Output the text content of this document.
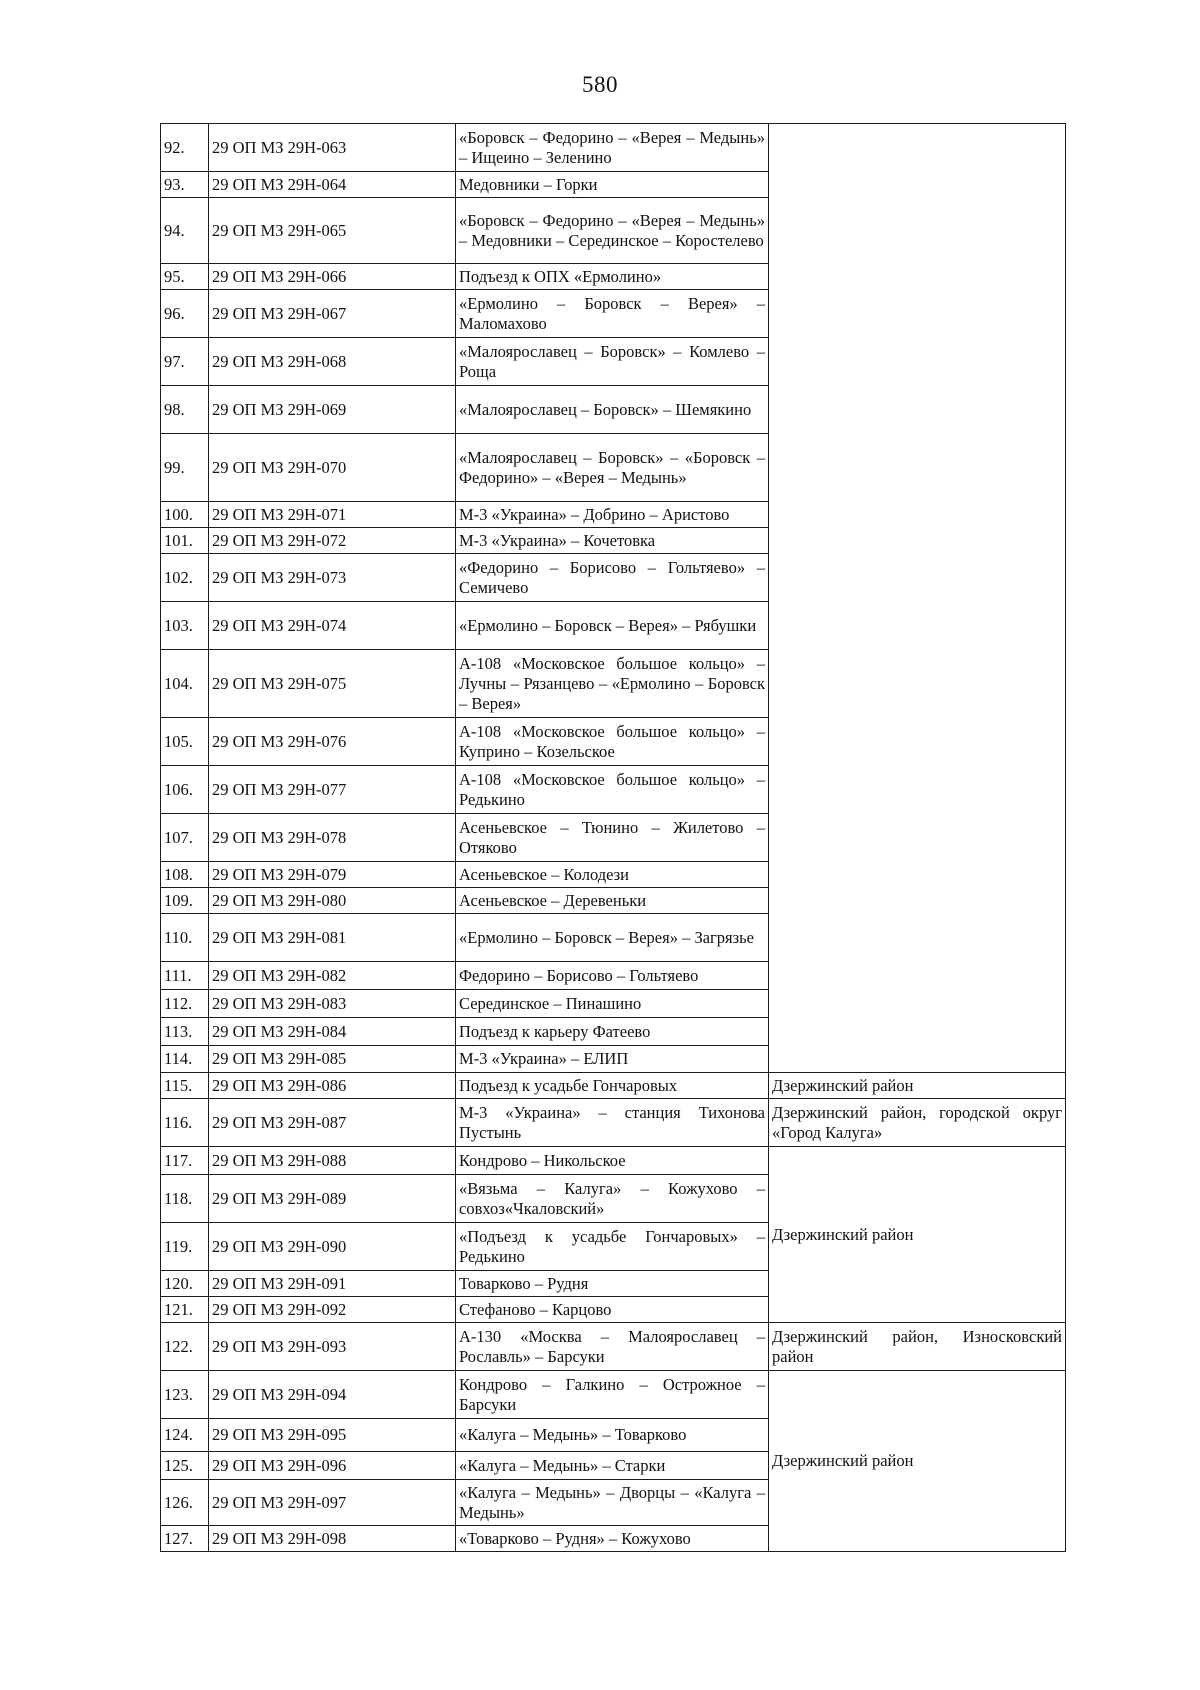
580
92.	29 ОП МЗ 29Н-063	«Боровск – Федорино – «Верея – Медынь» – Ищеино – Зеленино	
93.	29 ОП МЗ 29Н-064	Медовники – Горки	
94.	29 ОП МЗ 29Н-065	«Боровск – Федорино – «Верея – Медынь» – Медовники – Серединское – Коростелево	
95.	29 ОП МЗ 29Н-066	Подъезд к ОПХ «Ермолино»	
96.	29 ОП МЗ 29Н-067	«Ермолино – Боровск – Верея» – Маломахово	
97.	29 ОП МЗ 29Н-068	«Малоярославец – Боровск» – Комлево – Роща	
98.	29 ОП МЗ 29Н-069	«Малоярославец – Боровск» – Шемякино	
99.	29 ОП МЗ 29Н-070	«Малоярославец – Боровск» – «Боровск – Федорино» – «Верея – Медынь»	
100.	29 ОП МЗ 29Н-071	М-3 «Украина» – Добрино – Аристово	
101.	29 ОП МЗ 29Н-072	М-3 «Украина» – Кочетовка	
102.	29 ОП МЗ 29Н-073	«Федорино – Борисово – Гольтяево» – Семичево	
103.	29 ОП МЗ 29Н-074	«Ермолино – Боровск – Верея» – Рябушки	
104.	29 ОП МЗ 29Н-075	А-108 «Московское большое кольцо» – Лучны – Рязанцево – «Ермолино – Боровск – Верея»	
105.	29 ОП МЗ 29Н-076	А-108 «Московское большое кольцо» – Куприно – Козельское	
106.	29 ОП МЗ 29Н-077	А-108 «Московское большое кольцо» – Редькино	
107.	29 ОП МЗ 29Н-078	Асеньевское – Тюнино – Жилетово – Отяково	
108.	29 ОП МЗ 29Н-079	Асеньевское – Колодези	
109.	29 ОП МЗ 29Н-080	Асеньевское – Деревеньки	
110.	29 ОП МЗ 29Н-081	«Ермолино – Боровск – Верея» – Загрязье	
111.	29 ОП МЗ 29Н-082	Федорино – Борисово – Гольтяево	
112.	29 ОП МЗ 29Н-083	Серединское – Пинашино	
113.	29 ОП МЗ 29Н-084	Подъезд к карьеру Фатеево	
114.	29 ОП МЗ 29Н-085	М-3 «Украина» – ЕЛИП	
115.	29 ОП МЗ 29Н-086	Подъезд к усадьбе Гончаровых	Дзержинский район
116.	29 ОП МЗ 29Н-087	М-3 «Украина» – станция Тихонова Пустынь	Дзержинский район, городской округ «Город Калуга»
117.	29 ОП МЗ 29Н-088	Кондрово – Никольское	Дзержинский район
118.	29 ОП МЗ 29Н-089	«Вязьма – Калуга» – Кожухово – совхоз«Чкаловский»	
119.	29 ОП МЗ 29Н-090	«Подъезд к усадьбе Гончаровых» – Редькино	
120.	29 ОП МЗ 29Н-091	Товарково – Рудня	
121.	29 ОП МЗ 29Н-092	Стефаново – Карцово	
122.	29 ОП МЗ 29Н-093	А-130 «Москва – Малоярославец – Рославль» – Барсуки	Дзержинский район, Износковский район
123.	29 ОП МЗ 29Н-094	Кондрово – Галкино – Острожное – Барсуки	Дзержинский район
124.	29 ОП МЗ 29Н-095	«Калуга – Медынь» – Товарково	
125.	29 ОП МЗ 29Н-096	«Калуга – Медынь» – Старки	
126.	29 ОП МЗ 29Н-097	«Калуга – Медынь» – Дворцы – «Калуга – Медынь»	
127.	29 ОП МЗ 29Н-098	«Товарково – Рудня» – Кожухово	
